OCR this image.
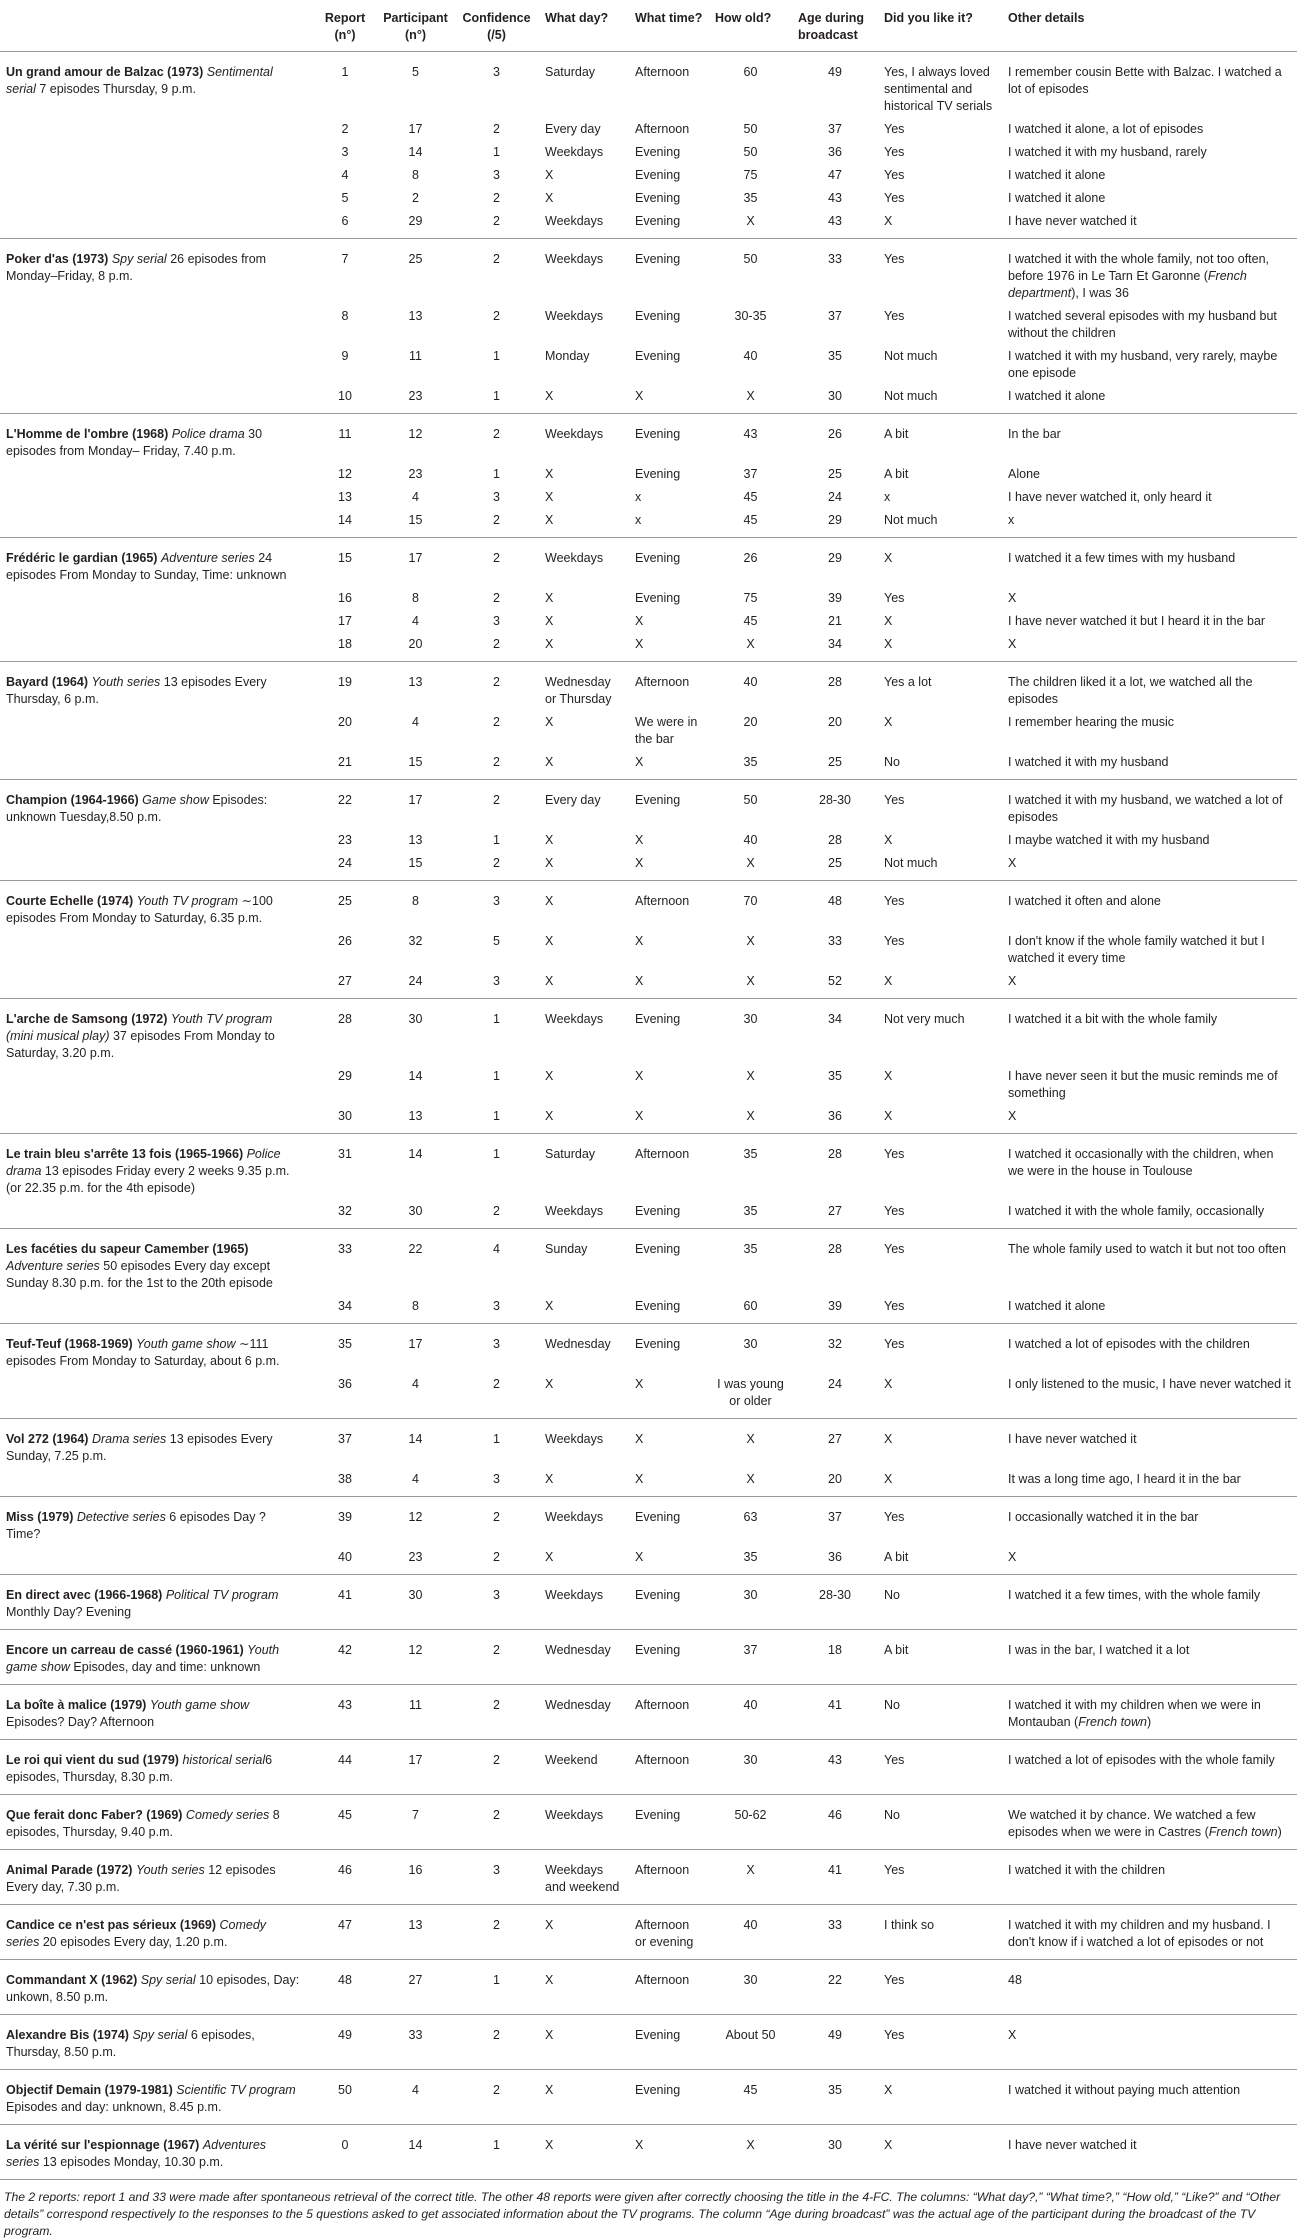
	Report (n°)	Participant (n°)	Confidence (/5)	What day?	What time?	How old?	Age during broadcast	Did you like it?	Other details
Un grand amour de Balzac (1973) Sentimental serial 7 episodes Thursday, 9 p.m.	1	5	3	Saturday	Afternoon	60	49	Yes, I always loved sentimental and historical TV serials	I remember cousin Bette with Balzac. I watched a lot of episodes
	2	17	2	Every day	Afternoon	50	37	Yes	I watched it alone, a lot of episodes
	3	14	1	Weekdays	Evening	50	36	Yes	I watched it with my husband, rarely
	4	8	3	X	Evening	75	47	Yes	I watched it alone
	5	2	2	X	Evening	35	43	Yes	I watched it alone
	6	29	2	Weekdays	Evening	X	43	X	I have never watched it
Poker d'as (1973) Spy serial 26 episodes from Monday–Friday, 8 p.m.	7	25	2	Weekdays	Evening	50	33	Yes	I watched it with the whole family, not too often, before 1976 in Le Tarn Et Garonne (French department), I was 36
	8	13	2	Weekdays	Evening	30-35	37	Yes	I watched several episodes with my husband but without the children
	9	11	1	Monday	Evening	40	35	Not much	I watched it with my husband, very rarely, maybe one episode
	10	23	1	X	X	X	30	Not much	I watched it alone
L'Homme de l'ombre (1968) Police drama 30 episodes from Monday– Friday, 7.40 p.m.	11	12	2	Weekdays	Evening	43	26	A bit	In the bar
	12	23	1	X	Evening	37	25	A bit	Alone
	13	4	3	X	x	45	24	x	I have never watched it, only heard it
	14	15	2	X	x	45	29	Not much	x
Frédéric le gardian (1965) Adventure series 24 episodes From Monday to Sunday, Time: unknown	15	17	2	Weekdays	Evening	26	29	X	I watched it a few times with my husband
	16	8	2	X	Evening	75	39	Yes	X
	17	4	3	X	X	45	21	X	I have never watched it but I heard it in the bar
	18	20	2	X	X	X	34	X	X
Bayard (1964) Youth series 13 episodes Every Thursday, 6 p.m.	19	13	2	Wednesday or Thursday	Afternoon	40	28	Yes a lot	The children liked it a lot, we watched all the episodes
	20	4	2	X	We were in the bar	20	20	X	I remember hearing the music
	21	15	2	X	X	35	25	No	I watched it with my husband
Champion (1964-1966) Game show Episodes: unknown Tuesday,8.50 p.m.	22	17	2	Every day	Evening	50	28-30	Yes	I watched it with my husband, we watched a lot of episodes
	23	13	1	X	X	40	28	X	I maybe watched it with my husband
	24	15	2	X	X	X	25	Not much	X
Courte Echelle (1974) Youth TV program ∼100 episodes From Monday to Saturday, 6.35 p.m.	25	8	3	X	Afternoon	70	48	Yes	I watched it often and alone
	26	32	5	X	X	X	33	Yes	I don't know if the whole family watched it but I watched it every time
	27	24	3	X	X	X	52	X	X
L'arche de Samsong (1972) Youth TV program (mini musical play) 37 episodes From Monday to Saturday, 3.20 p.m.	28	30	1	Weekdays	Evening	30	34	Not very much	I watched it a bit with the whole family
	29	14	1	X	X	X	35	X	I have never seen it but the music reminds me of something
	30	13	1	X	X	X	36	X	X
Le train bleu s'arrête 13 fois (1965-1966) Police drama 13 episodes Friday every 2 weeks 9.35 p.m. (or 22.35 p.m. for the 4th episode)	31	14	1	Saturday	Afternoon	35	28	Yes	I watched it occasionally with the children, when we were in the house in Toulouse
	32	30	2	Weekdays	Evening	35	27	Yes	I watched it with the whole family, occasionally
Les facéties du sapeur Camember (1965) Adventure series 50 episodes Every day except Sunday 8.30 p.m. for the 1st to the 20th episode	33	22	4	Sunday	Evening	35	28	Yes	The whole family used to watch it but not too often
	34	8	3	X	Evening	60	39	Yes	I watched it alone
Teuf-Teuf (1968-1969) Youth game show ∼111 episodes From Monday to Saturday, about 6 p.m.	35	17	3	Wednesday	Evening	30	32	Yes	I watched a lot of episodes with the children
	36	4	2	X	X	I was young or older	24	X	I only listened to the music, I have never watched it
Vol 272 (1964) Drama series 13 episodes Every Sunday, 7.25 p.m.	37	14	1	Weekdays	X	X	27	X	I have never watched it
	38	4	3	X	X	X	20	X	It was a long time ago, I heard it in the bar
Miss (1979) Detective series 6 episodes Day ? Time?	39	12	2	Weekdays	Evening	63	37	Yes	I occasionally watched it in the bar
	40	23	2	X	X	35	36	A bit	X
En direct avec (1966-1968) Political TV program Monthly Day? Evening	41	30	3	Weekdays	Evening	30	28-30	No	I watched it a few times, with the whole family
Encore un carreau de cassé (1960-1961) Youth game show Episodes, day and time: unknown	42	12	2	Wednesday	Evening	37	18	A bit	I was in the bar, I watched it a lot
La boîte à malice (1979) Youth game show Episodes? Day? Afternoon	43	11	2	Wednesday	Afternoon	40	41	No	I watched it with my children when we were in Montauban (French town)
Le roi qui vient du sud (1979) historical serial6 episodes, Thursday, 8.30 p.m.	44	17	2	Weekend	Afternoon	30	43	Yes	I watched a lot of episodes with the whole family
Que ferait donc Faber? (1969) Comedy series 8 episodes, Thursday, 9.40 p.m.	45	7	2	Weekdays	Evening	50-62	46	No	We watched it by chance. We watched a few episodes when we were in Castres (French town)
Animal Parade (1972) Youth series 12 episodes Every day, 7.30 p.m.	46	16	3	Weekdays and weekend	Afternoon	X	41	Yes	I watched it with the children
Candice ce n'est pas sérieux (1969) Comedy series 20 episodes Every day, 1.20 p.m.	47	13	2	X	Afternoon or evening	40	33	I think so	I watched it with my children and my husband. I don't know if i watched a lot of episodes or not
Commandant X (1962) Spy serial 10 episodes, Day: unkown, 8.50 p.m.	48	27	1	X	Afternoon	30	22	Yes	48
Alexandre Bis (1974) Spy serial 6 episodes, Thursday, 8.50 p.m.	49	33	2	X	Evening	About 50	49	Yes	X
Objectif Demain (1979-1981) Scientific TV program Episodes and day: unknown, 8.45 p.m.	50	4	2	X	Evening	45	35	X	I watched it without paying much attention
La vérité sur l'espionnage (1967) Adventures series 13 episodes Monday, 10.30 p.m.	0	14	1	X	X	X	30	X	I have never watched it
The 2 reports: report 1 and 33 were made after spontaneous retrieval of the correct title. The other 48 reports were given after correctly choosing the title in the 4-FC. The columns: “What day?,” “What time?,” “How old,” “Like?” and “Other details” correspond respectively to the responses to the 5 questions asked to get associated information about the TV programs. The column “Age during broadcast” was the actual age of the participant during the broadcast of the TV program.
